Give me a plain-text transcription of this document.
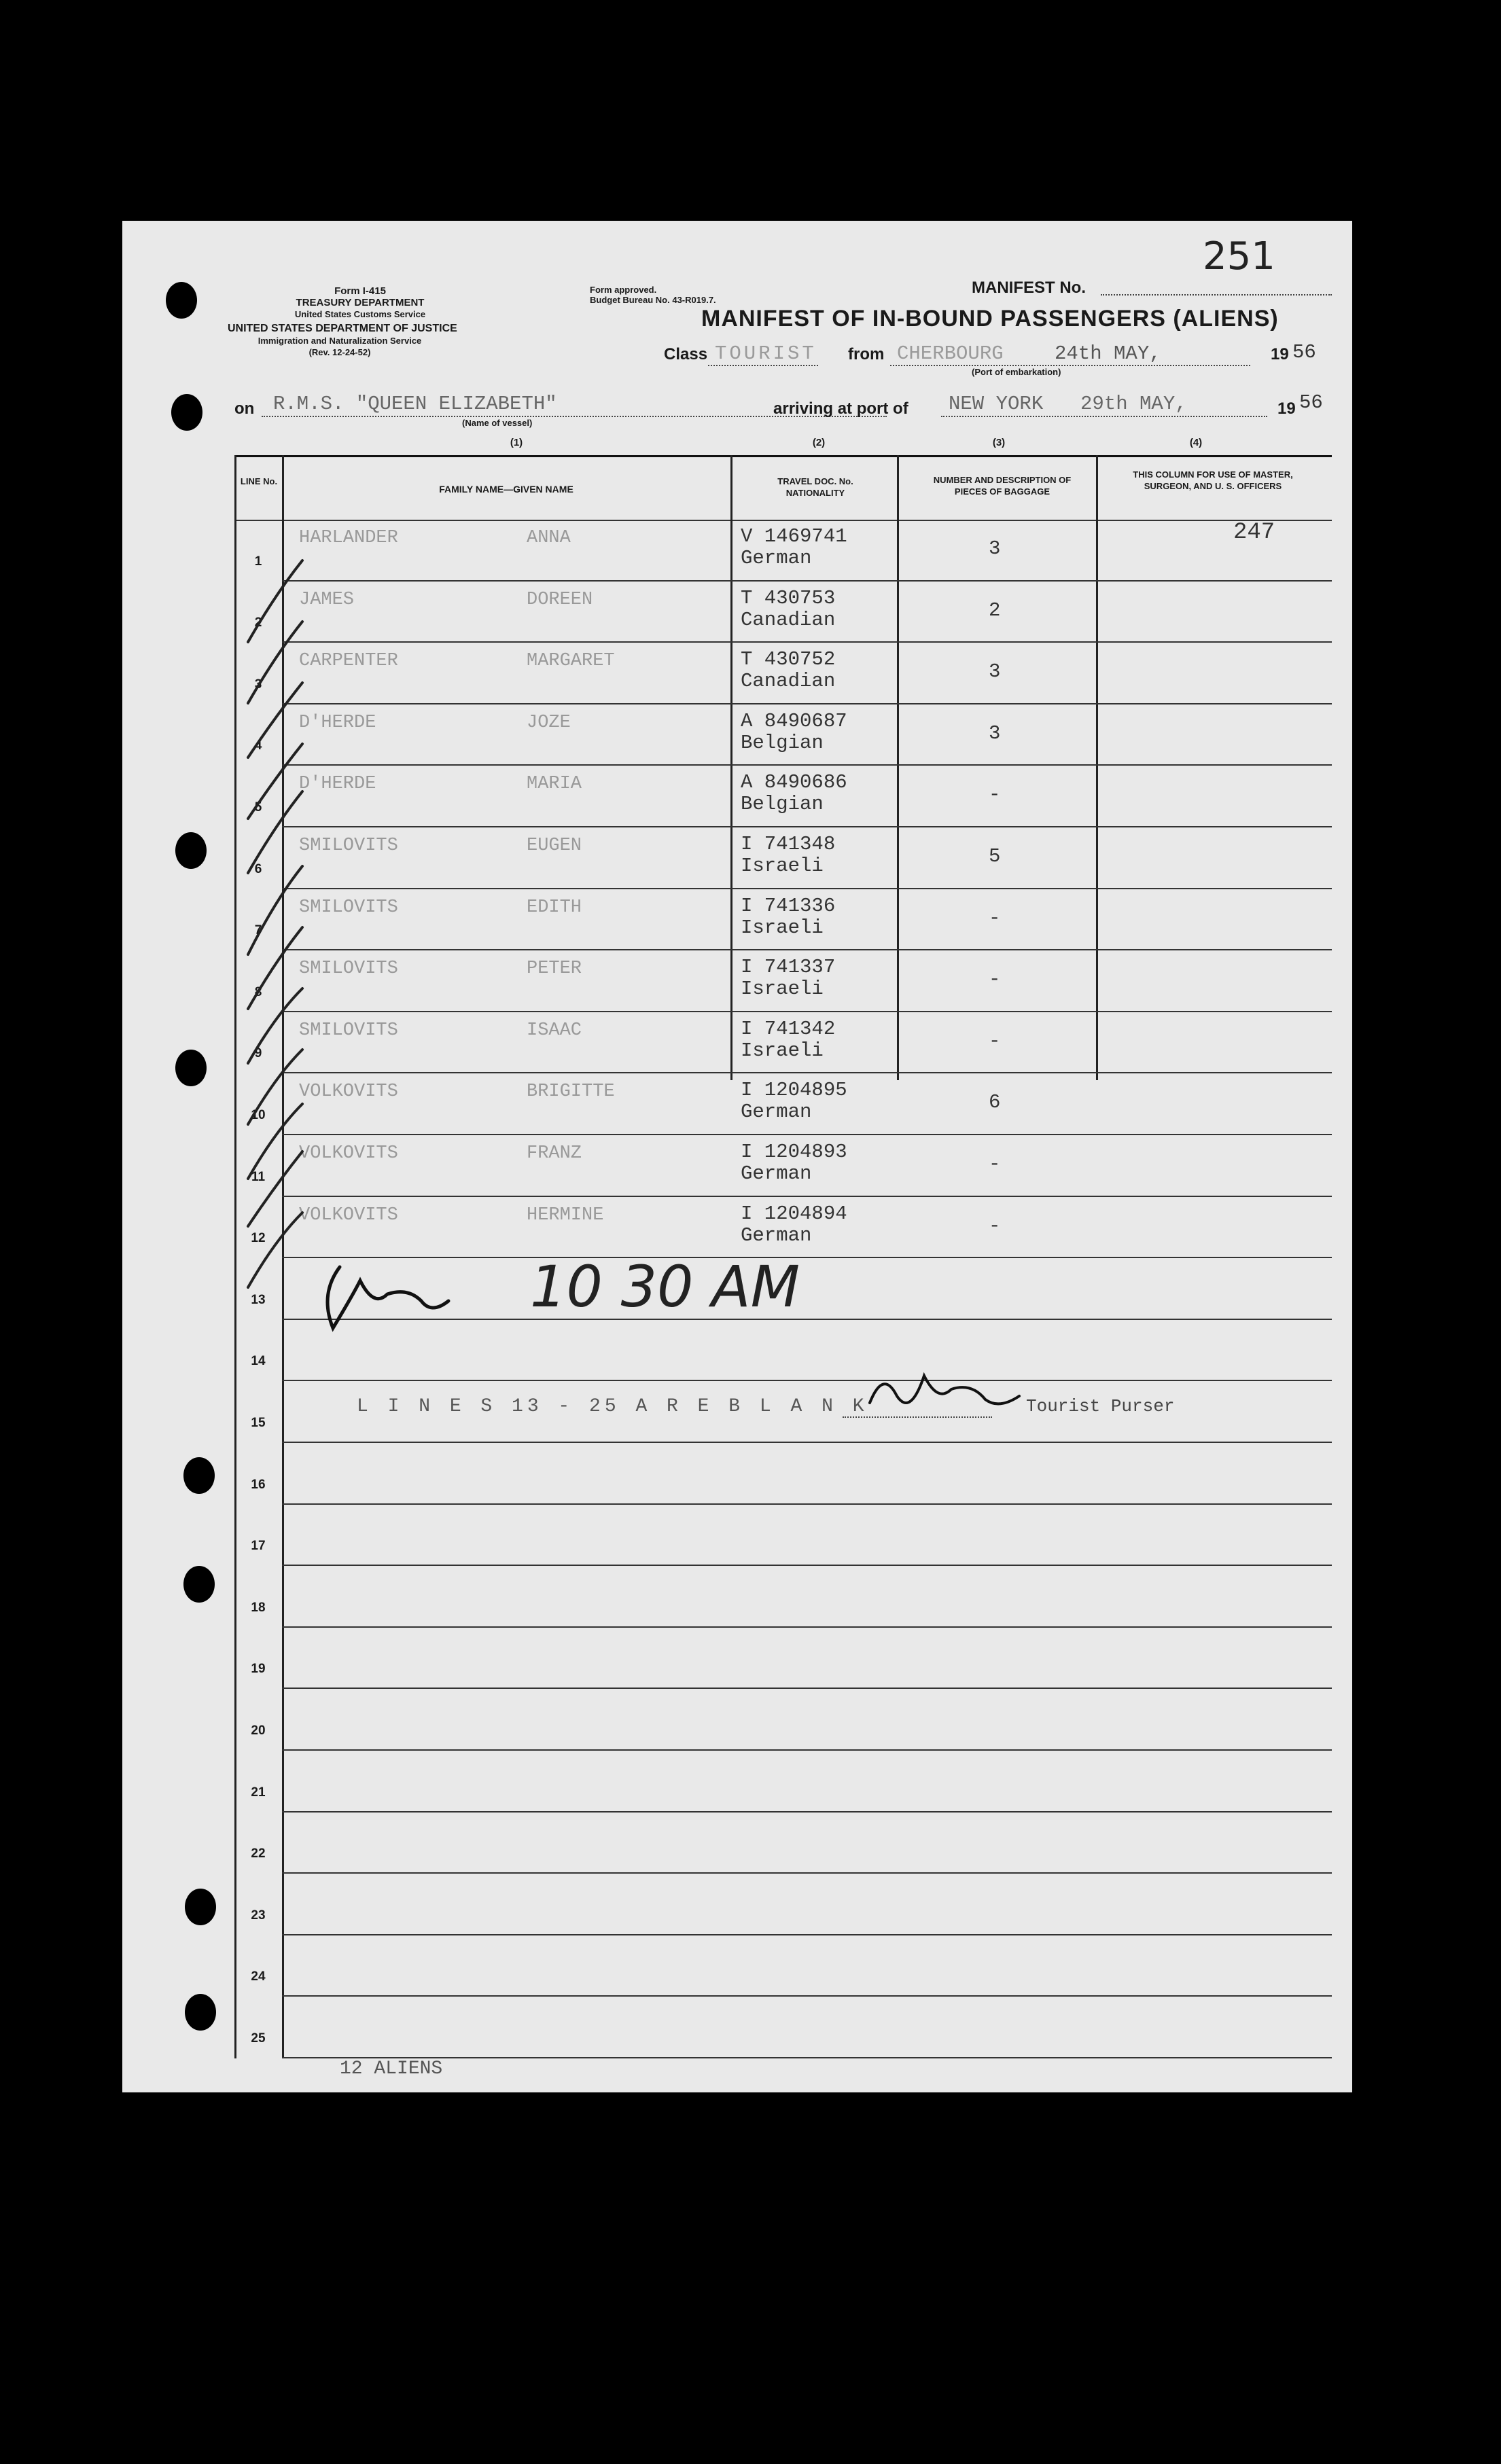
Form I-415
TREASURY DEPARTMENT
United States Customs Service
UNITED STATES DEPARTMENT OF JUSTICE
Immigration and Naturalization Service
(Rev. 12-24-52)
Form approved.
Budget Bureau No. 43-R019.7.
MANIFEST No.
251
MANIFEST OF IN-BOUND PASSENGERS (ALIENS)
Class TOURIST from CHERBOURG	24th MAY,
(Port of embarkation)
19 56
on R.M.S. "QUEEN ELIZABETH"
(Name of vessel)
arriving at port of NEW YORK 29th MAY,	19 56
(1)	(2)	(3)	(4)
LINE No.
FAMILY NAME—GIVEN NAME
TRAVEL DOC. No. NATIONALITY
NUMBER AND DESCRIPTION OF PIECES OF BAGGAGE
THIS COLUMN FOR USE OF MASTER, SURGEON, AND U. S. OFFICERS
1
HARLANDER	ANNA	V 1469741
German	3
247
2
JAMES	DOREEN	T 430753
Canadian	2
3
CARPENTER	MARGARET	T 430752
Canadian	3
4
D'HERDE	JOZE	A 8490687
Belgian	3
5
D'HERDE	MARIA	A 8490686
Belgian	-
6
SMILOVITS	EUGEN	I 741348
Israeli	5
7
SMILOVITS	EDITH	I 741336
Israeli	-
8
SMILOVITS	PETER	I 741337
Israeli	-
9
SMILOVITS	ISAAC	I 741342
Israeli	-
10
VOLKOVITS	BRIGITTE	I 1204895
German	6
11
VOLKOVITS	FRANZ	I 1204893
German	-
12
VOLKOVITS	HERMINE	I 1204894
German	-
13
14
15
16
17
18
19
20
21
22
23
24
25
10 30 AM
L I N E S 13 - 25 A R E B L A N K	Tourist Purser
12 ALIENS
